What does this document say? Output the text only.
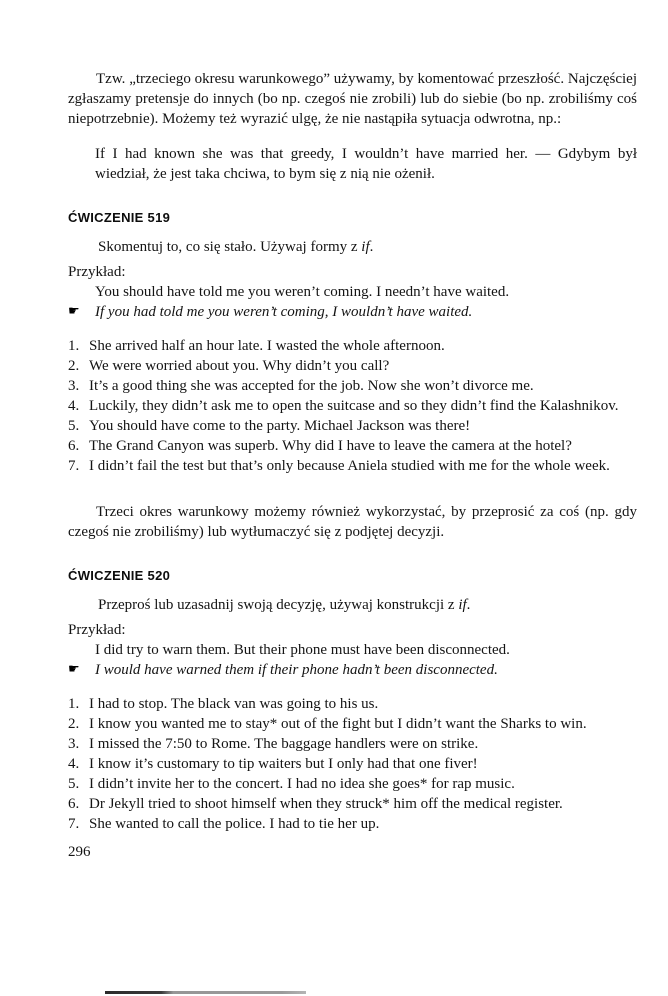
Tzw. „trzeciego okresu warunkowego” używamy, by komentować przeszłość. Najczęściej zgłaszamy pretensje do innych (bo np. czegoś nie zrobili) lub do siebie (bo np. zrobiliśmy coś niepotrzebnie). Możemy też wyrazić ulgę, że nie nastąpiła sytuacja odwrotna, np.:

If I had known she was that greedy, I wouldn’t have married her. — Gdybym był wiedział, że jest taka chciwa, to bym się z nią nie ożenił.
ĆWICZENIE 519
Skomentuj to, co się stało. Używaj formy z if.
Przykład:
You should have told me you weren’t coming. I needn’t have waited.
☛	If you had told me you weren’t coming, I wouldn’t have waited.
She arrived half an hour late. I wasted the whole afternoon.
We were worried about you. Why didn’t you call?
It’s a good thing she was accepted for the job. Now she won’t divorce me.
Luckily, they didn’t ask me to open the suitcase and so they didn’t find the Kalashnikov.
You should have come to the party. Michael Jackson was there!
The Grand Canyon was superb. Why did I have to leave the camera at the hotel?
I didn’t fail the test but that’s only because Aniela studied with me for the whole week.

Trzeci okres warunkowy możemy również wykorzystać, by przeprosić za coś (np. gdy czegoś nie zrobiliśmy) lub wytłumaczyć się z podjętej decyzji.

ĆWICZENIE 520
Przeproś lub uzasadnij swoją decyzję, używaj konstrukcji z if.
Przykład:
I did try to warn them. But their phone must have been disconnected.
☛	I would have warned them if their phone hadn’t been disconnected.
I had to stop. The black van was going to his us.
I know you wanted me to stay* out of the fight but I didn’t want the Sharks to win.
I missed the 7:50 to Rome. The baggage handlers were on strike.
I know it’s customary to tip waiters but I only had that one fiver!
I didn’t invite her to the concert. I had no idea she goes* for rap music.
Dr Jekyll tried to shoot himself when they struck* him off the medical register.
She wanted to call the police. I had to tie her up.
296
